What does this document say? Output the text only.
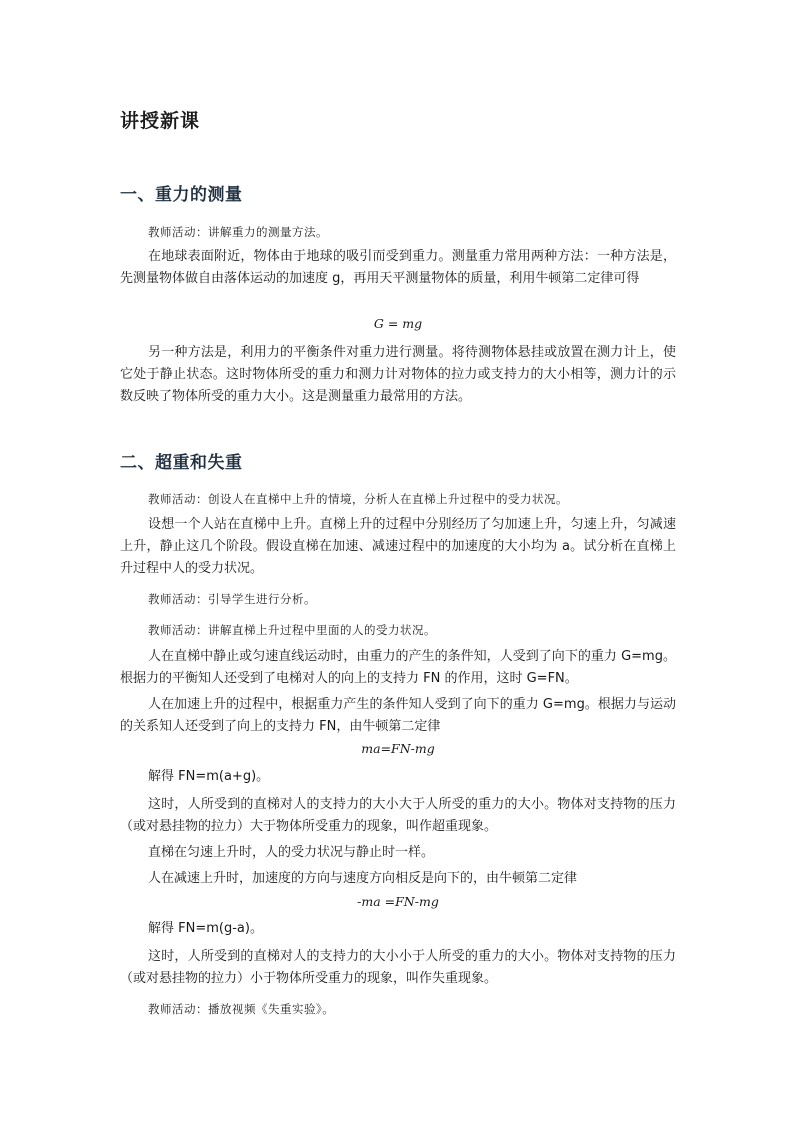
讲授新课
一、重力的测量
教师活动：讲解重力的测量方法。
在地球表面附近，物体由于地球的吸引而受到重力。测量重力常用两种方法：一种方法是，先测量物体做自由落体运动的加速度 g，再用天平测量物体的质量，利用牛顿第二定律可得
G = mg
另一种方法是，利用力的平衡条件对重力进行测量。将待测物体悬挂或放置在测力计上，使它处于静止状态。这时物体所受的重力和测力计对物体的拉力或支持力的大小相等，测力计的示数反映了物体所受的重力大小。这是测量重力最常用的方法。
二、超重和失重
教师活动：创设人在直梯中上升的情境，分析人在直梯上升过程中的受力状况。
设想一个人站在直梯中上升。直梯上升的过程中分别经历了匀加速上升，匀速上升，匀减速上升，静止这几个阶段。假设直梯在加速、减速过程中的加速度的大小均为 a。试分析在直梯上升过程中人的受力状况。
教师活动：引导学生进行分析。
教师活动：讲解直梯上升过程中里面的人的受力状况。
人在直梯中静止或匀速直线运动时，由重力的产生的条件知，人受到了向下的重力 G=mg。根据力的平衡知人还受到了电梯对人的向上的支持力 FN 的作用，这时 G=FN。
人在加速上升的过程中，根据重力产生的条件知人受到了向下的重力 G=mg。根据力与运动的关系知人还受到了向上的支持力 FN，由牛顿第二定律
ma=FN-mg
解得 FN=m(a+g)。
这时，人所受到的直梯对人的支持力的大小大于人所受的重力的大小。物体对支持物的压力（或对悬挂物的拉力）大于物体所受重力的现象，叫作超重现象。
直梯在匀速上升时，人的受力状况与静止时一样。
人在减速上升时，加速度的方向与速度方向相反是向下的，由牛顿第二定律
-ma =FN-mg
解得 FN=m(g-a)。
这时，人所受到的直梯对人的支持力的大小小于人所受的重力的大小。物体对支持物的压力（或对悬挂物的拉力）小于物体所受重力的现象，叫作失重现象。
教师活动：播放视频《失重实验》。
